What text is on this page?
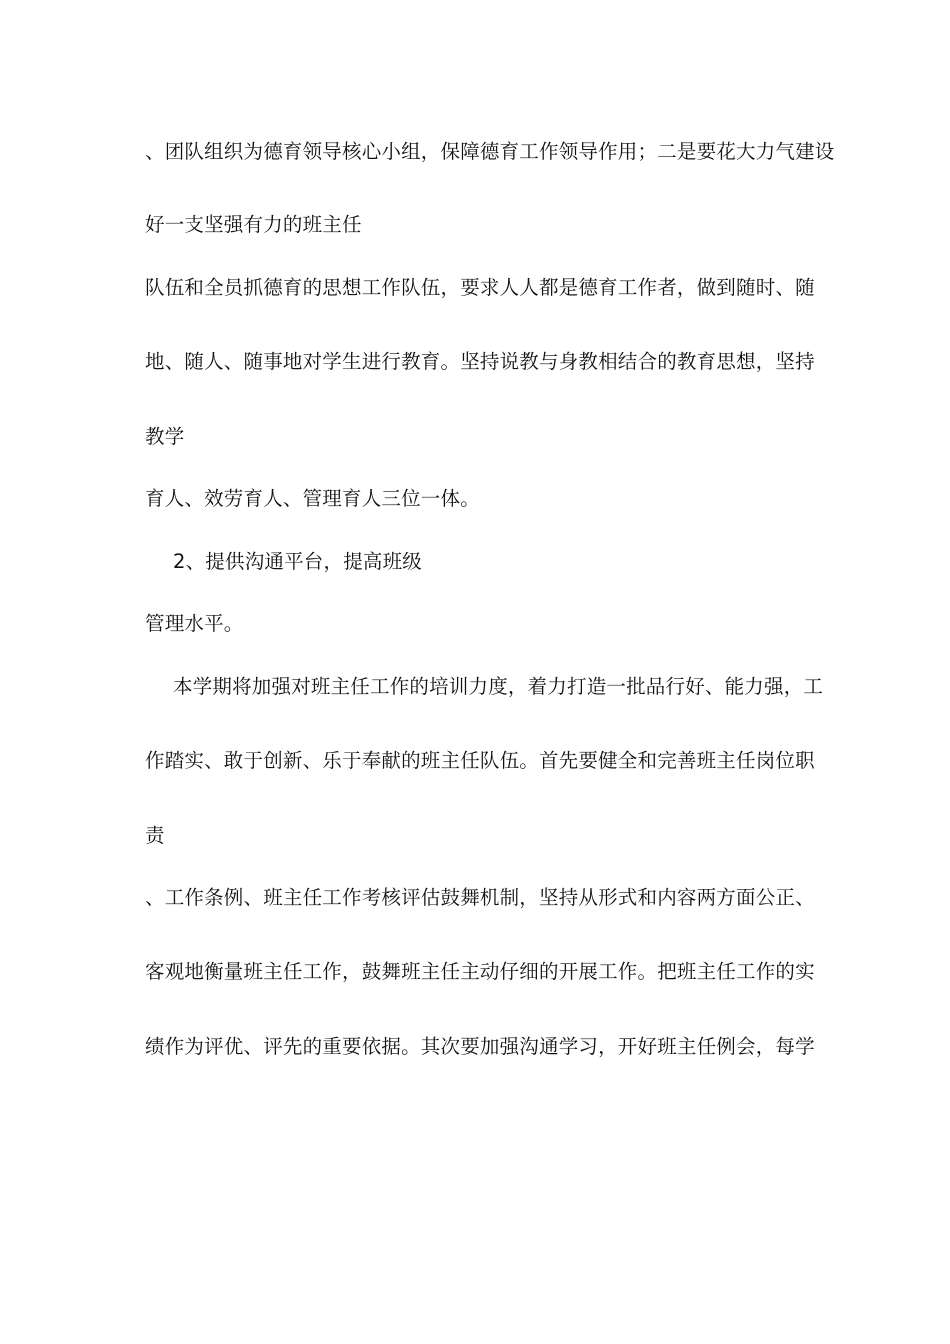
、团队组织为德育领导核心小组，保障德育工作领导作用；二是要花大力气建设
好一支坚强有力的班主任
队伍和全员抓德育的思想工作队伍，要求人人都是德育工作者，做到随时、随
地、随人、随事地对学生进行教育。坚持说教与身教相结合的教育思想，坚持
教学
育人、效劳育人、管理育人三位一体。
2、提供沟通平台，提高班级
管理水平。
本学期将加强对班主任工作的培训力度，着力打造一批品行好、能力强，工
作踏实、敢于创新、乐于奉献的班主任队伍。首先要健全和完善班主任岗位职
责
、工作条例、班主任工作考核评估鼓舞机制，坚持从形式和内容两方面公正、
客观地衡量班主任工作，鼓舞班主任主动仔细的开展工作。把班主任工作的实
绩作为评优、评先的重要依据。其次要加强沟通学习，开好班主任例会，每学
